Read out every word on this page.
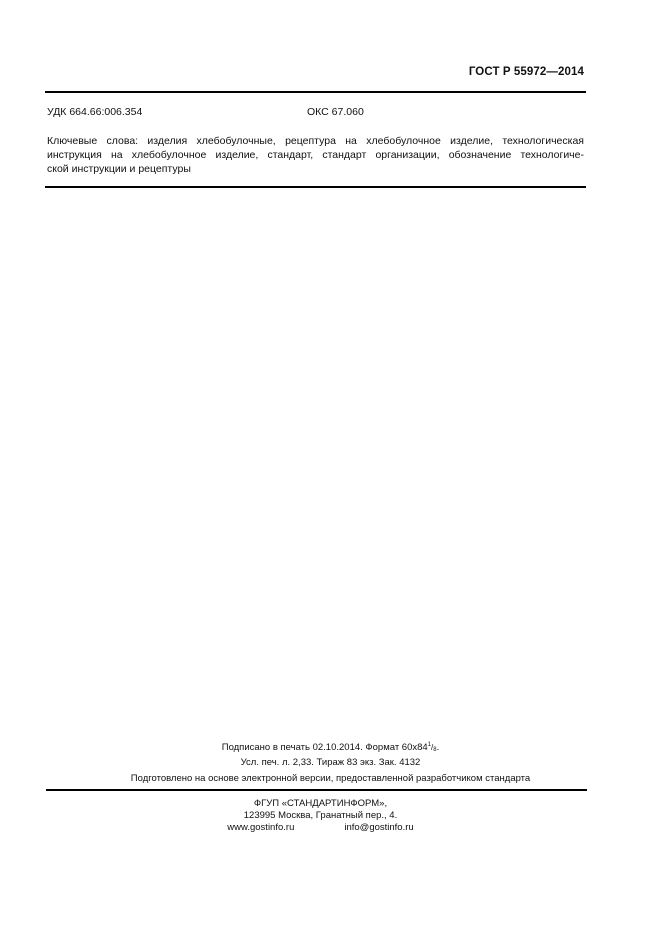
ГОСТ Р 55972—2014
УДК 664.66:006.354	ОКС 67.060
Ключевые слова: изделия хлебобулочные, рецептура на хлебобулочное изделие, технологическая
инструкция на хлебобулочное изделие, стандарт, стандарт организации, обозначение технологиче-
ской инструкции и рецептуры
Подписано в печать 02.10.2014. Формат $60x84^1/8$.
Усл. печ. л. 2,33. Тираж 83 экз. Зак. 4132
Подготовлено на основе электронной версии, предоставленной разработчиком стандарта
ФГУП «СТАНДАРТИНФОРМ»,
123995 Москва, Гранатный пер., 4.
www.gostinfo.ru	info@gostinfo.ru
